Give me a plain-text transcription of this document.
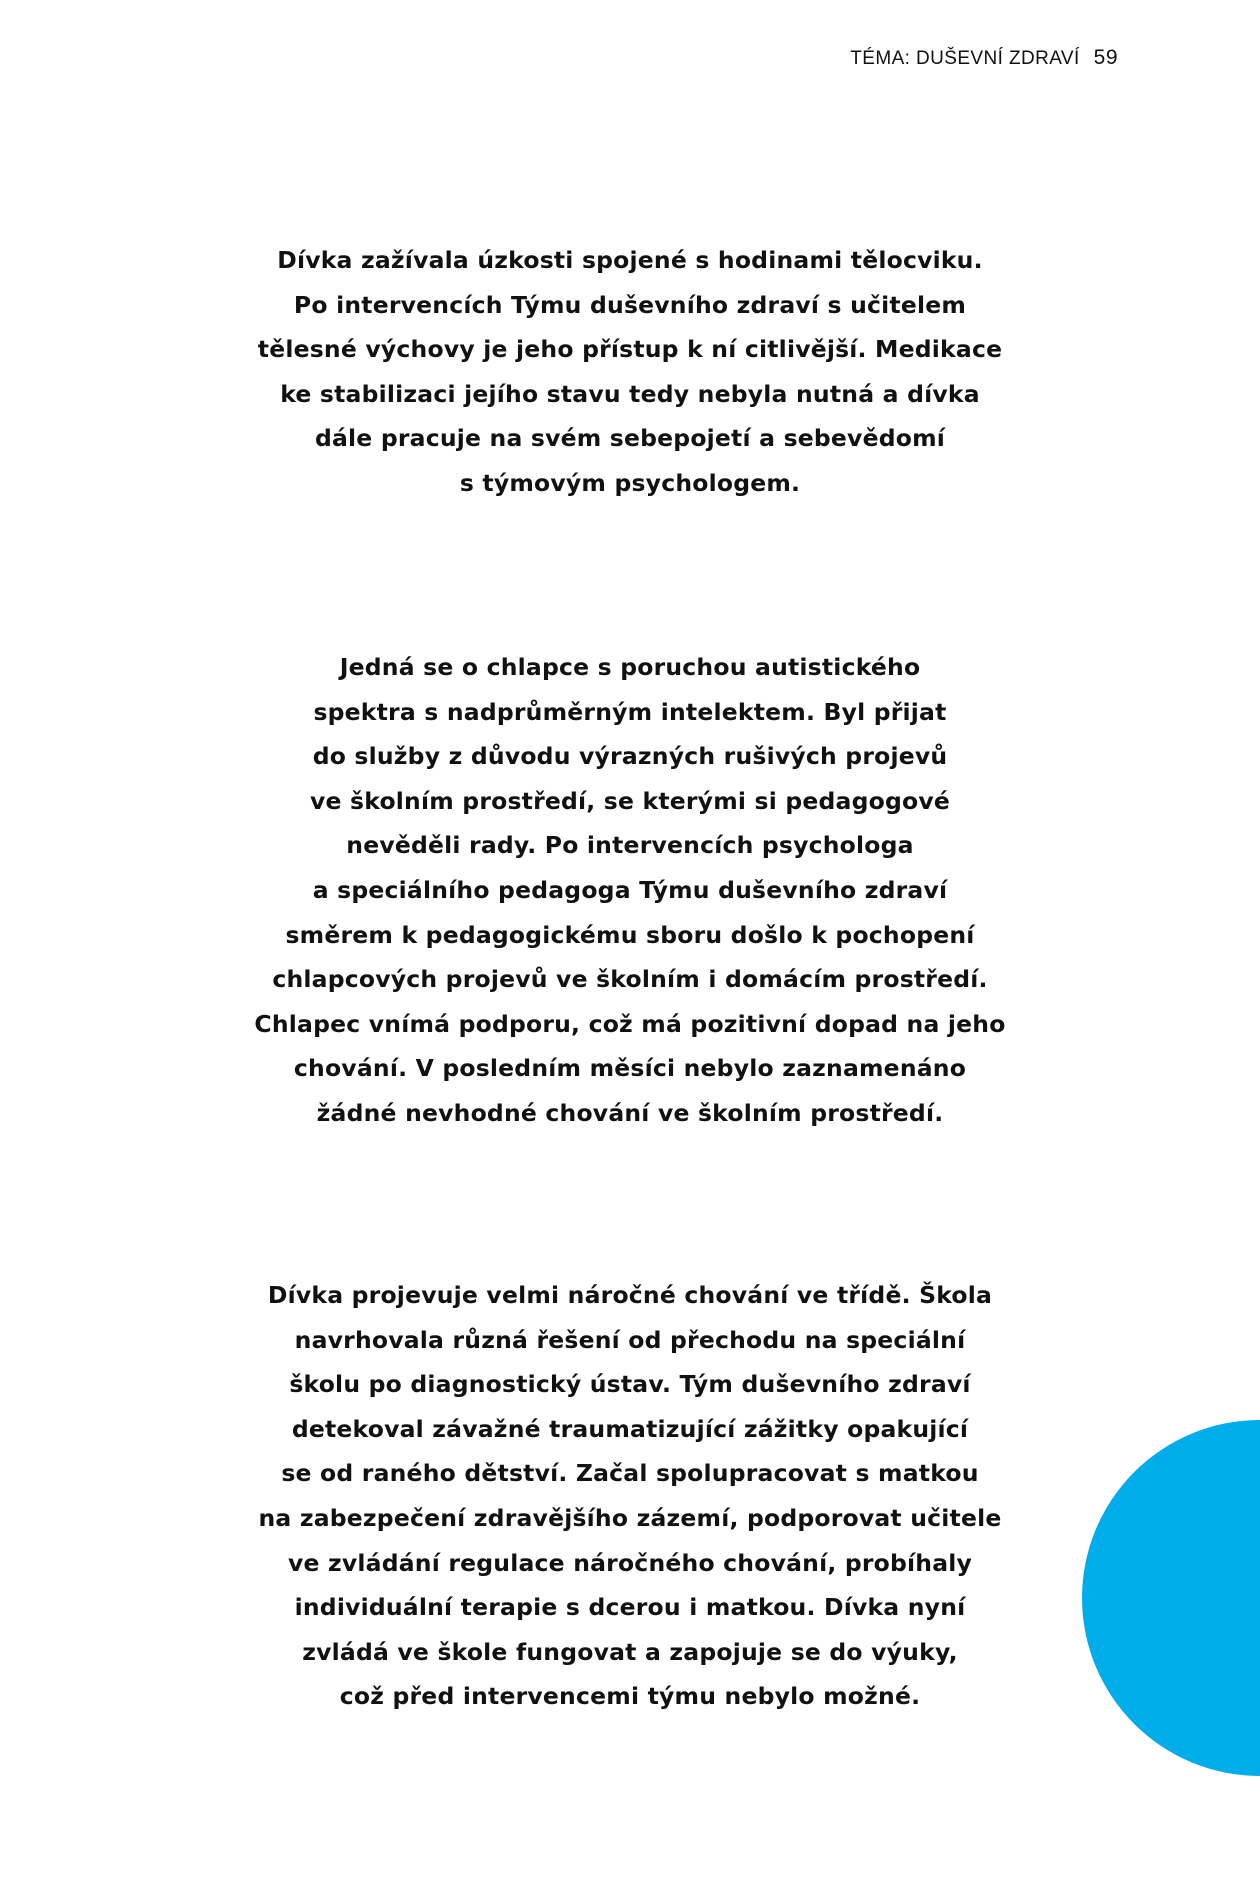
TÉMA: DUŠEVNÍ ZDRAVÍ 59

Dívka zažívala úzkosti spojené s hodinami tělocviku.
Po intervencích Týmu duševního zdraví s učitelem
tělesné výchovy je jeho přístup k ní citlivější. Medikace
ke stabilizaci jejího stavu tedy nebyla nutná a dívka
dále pracuje na svém sebepojetí a sebevědomí
s týmovým psychologem.

Jedná se o chlapce s poruchou autistického
spektra s nadprůměrným intelektem. Byl přijat
do služby z důvodu výrazných rušivých projevů
ve školním prostředí, se kterými si pedagogové
nevěděli rady. Po intervencích psychologa
a speciálního pedagoga Týmu duševního zdraví
směrem k pedagogickému sboru došlo k pochopení
chlapcových projevů ve školním i domácím prostředí.
Chlapec vnímá podporu, což má pozitivní dopad na jeho
chování. V posledním měsíci nebylo zaznamenáno
žádné nevhodné chování ve školním prostředí.

Dívka projevuje velmi náročné chování ve třídě. Škola
navrhovala různá řešení od přechodu na speciální
školu po diagnostický ústav. Tým duševního zdraví
detekoval závažné traumatizující zážitky opakující
se od raného dětství. Začal spolupracovat s matkou
na zabezpečení zdravějšího zázemí, podporovat učitele
ve zvládání regulace náročného chování, probíhaly
individuální terapie s dcerou i matkou. Dívka nyní
zvládá ve škole fungovat a zapojuje se do výuky,
což před intervencemi týmu nebylo možné.
